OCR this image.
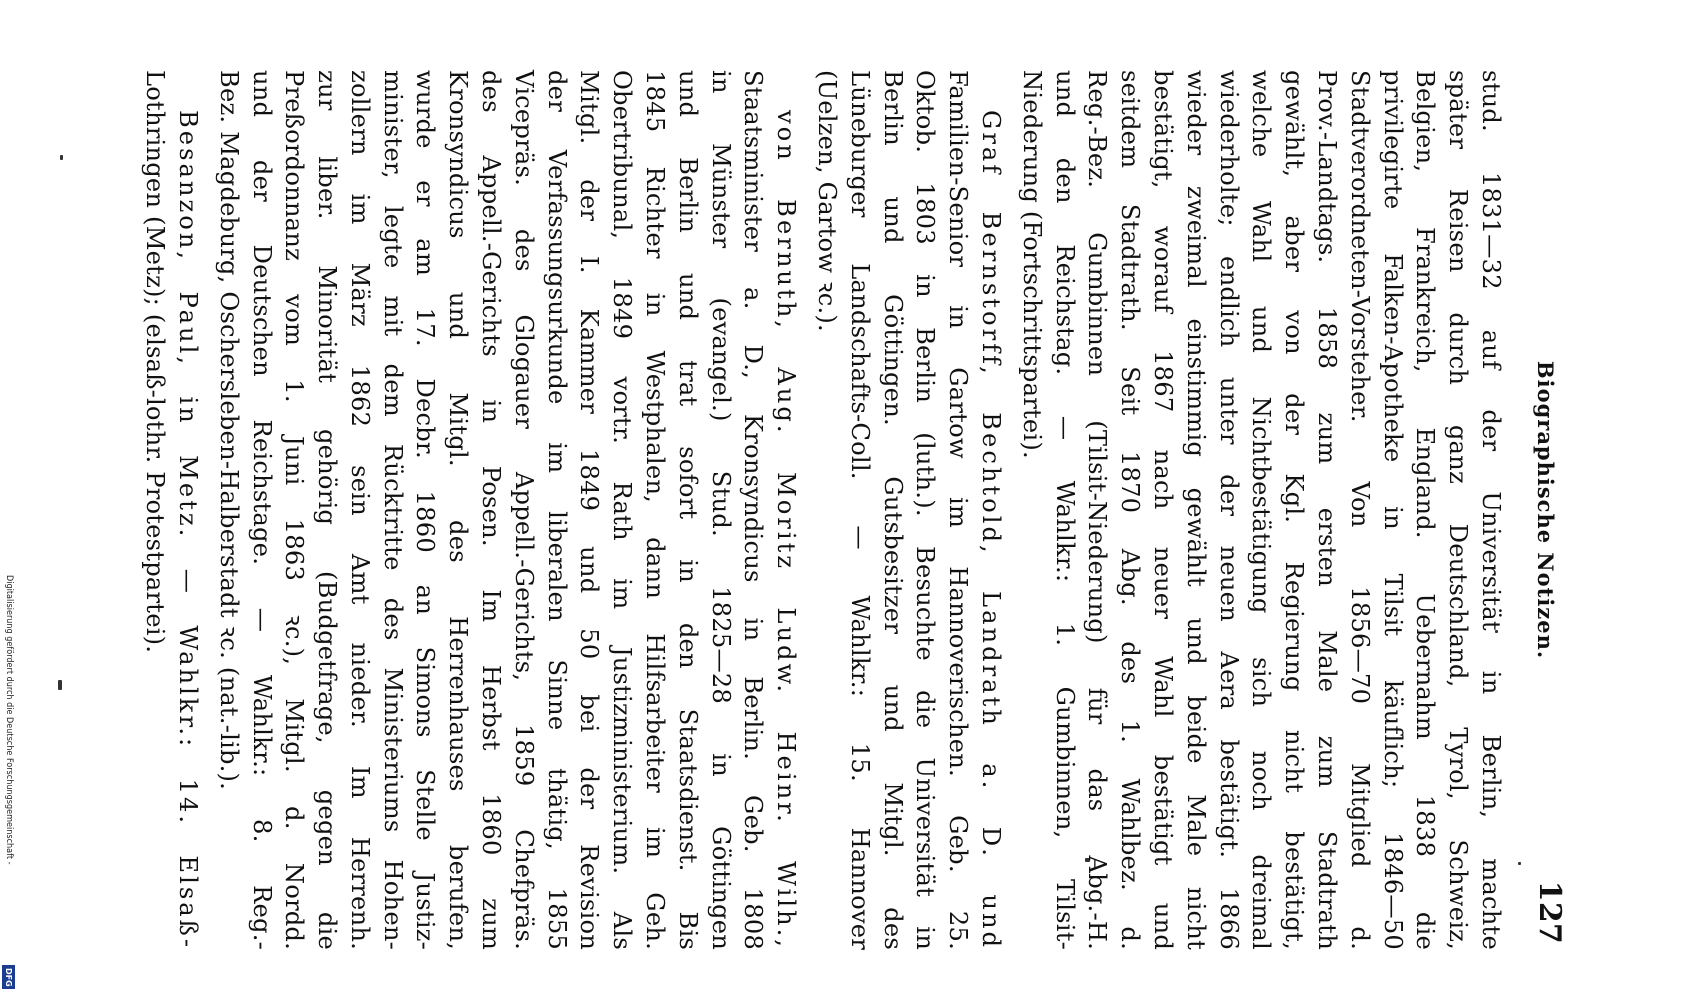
Digitalisierung gefördert durch die Deutsche Forschungsgemeinschaft -
DFG
Biographische Notizen.
127
stud. 1831—32 auf der Universität in Berlin, machte
später Reisen durch ganz Deutschland, Tyrol, Schweiz,
Belgien, Frankreich, England. Uebernahm 1838 die
privilegirte Falken-Apotheke in Tilsit käuflich; 1846—50
Stadtverordneten-Vorsteher. Von 1856—70 Mitglied d.
Prov.-Landtags. 1858 zum ersten Male zum Stadtrath
gewählt, aber von der Kgl. Regierung nicht bestätigt,
welche Wahl und Nichtbestätigung sich noch dreimal
wiederholte; endlich unter der neuen Aera bestätigt. 1866
wieder zweimal einstimmig gewählt und beide Male nicht
bestätigt, worauf 1867 nach neuer Wahl bestätigt und
seitdem Stadtrath. Seit 1870 Abg. des 1. Wahlbez. d.
Reg.-Bez. Gumbinnen (Tilsit-Niederung) für das Abg.-H.
und den Reichstag. — Wahlkr.: 1. Gumbinnen, Tilsit-
Niederung (Fortschrittspartei).
Graf Bernstorff, Bechtold, Landrath a. D. und
Familien-Senior in Gartow im Hannoverischen. Geb. 25.
Oktob. 1803 in Berlin (luth.). Besuchte die Universität in
Berlin und Göttingen. Gutsbesitzer und Mitgl. des
Lüneburger Landschafts-Coll. — Wahlkr.: 15. Hannover
(Uelzen, Gartow ꝛc.).
von Bernuth, Aug. Moritz Ludw. Heinr. Wilh.,
Staatsminister a. D., Kronsyndicus in Berlin. Geb. 1808
in Münster (evangel.) Stud. 1825—28 in Göttingen
und Berlin und trat sofort in den Staatsdienst. Bis
1845 Richter in Westphalen, dann Hilfsarbeiter im Geh.
Obertribunal, 1849 vortr. Rath im Justizministerium. Als
Mitgl. der I. Kammer 1849 und 50 bei der Revision
der Verfassungsurkunde im liberalen Sinne thätig, 1855
Vicepräs. des Glogauer Appell.-Gerichts, 1859 Chefpräs.
des Appell.-Gerichts in Posen. Im Herbst 1860 zum
Kronsyndicus und Mitgl. des Herrenhauses berufen,
wurde er am 17. Decbr. 1860 an Simons Stelle Justiz-
minister, legte mit dem Rücktritte des Ministeriums Hohen-
zollern im März 1862 sein Amt nieder. Im Herrenh.
zur liber. Minorität gehörig (Budgetfrage, gegen die
Preßordonnanz vom 1. Juni 1863 ꝛc.), Mitgl. d. Nordd.
und der Deutschen Reichstage. — Wahlkr.: 8. Reg.-
Bez. Magdeburg, Oschersleben-Halberstadt ꝛc. (nat.-lib.).
Besanzon, Paul, in Metz. — Wahlkr.: 14. Elsaß-
Lothringen (Metz); (elsaß-lothr. Protestpartei).
